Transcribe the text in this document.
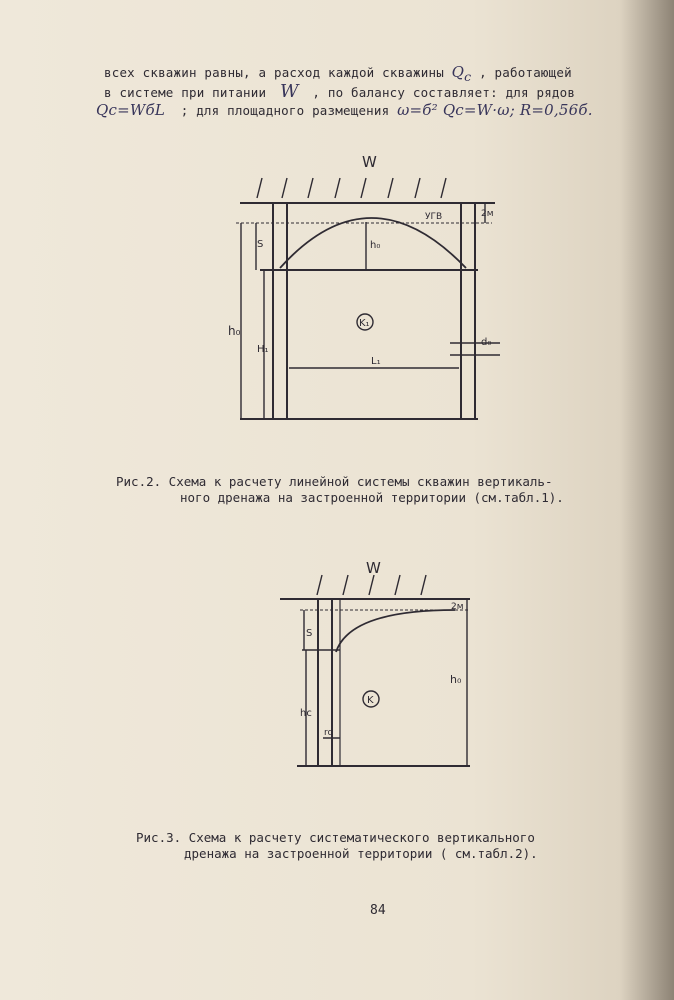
всех скважин равны, а расход каждой скважины $Q_c$ , работающей
в системе при питании W , по балансу составляет: для рядов
Qc=WбL ; для площадного размещения ω=б² Qc=W·ω; R=0,56б.
W
УГВ	2м
S	h₀
h₀
H₁
K₁
d₀
L₁
Рис.2. Схема к расчету линейной системы скважин вертикаль-
ного дренажа на застроенной территории (см.табл.1).
W
2м
S
K
h₀
hc
rc
Рис.3. Схема к расчету систематического вертикального
дренажа на застроенной территории ( см.табл.2).
84
